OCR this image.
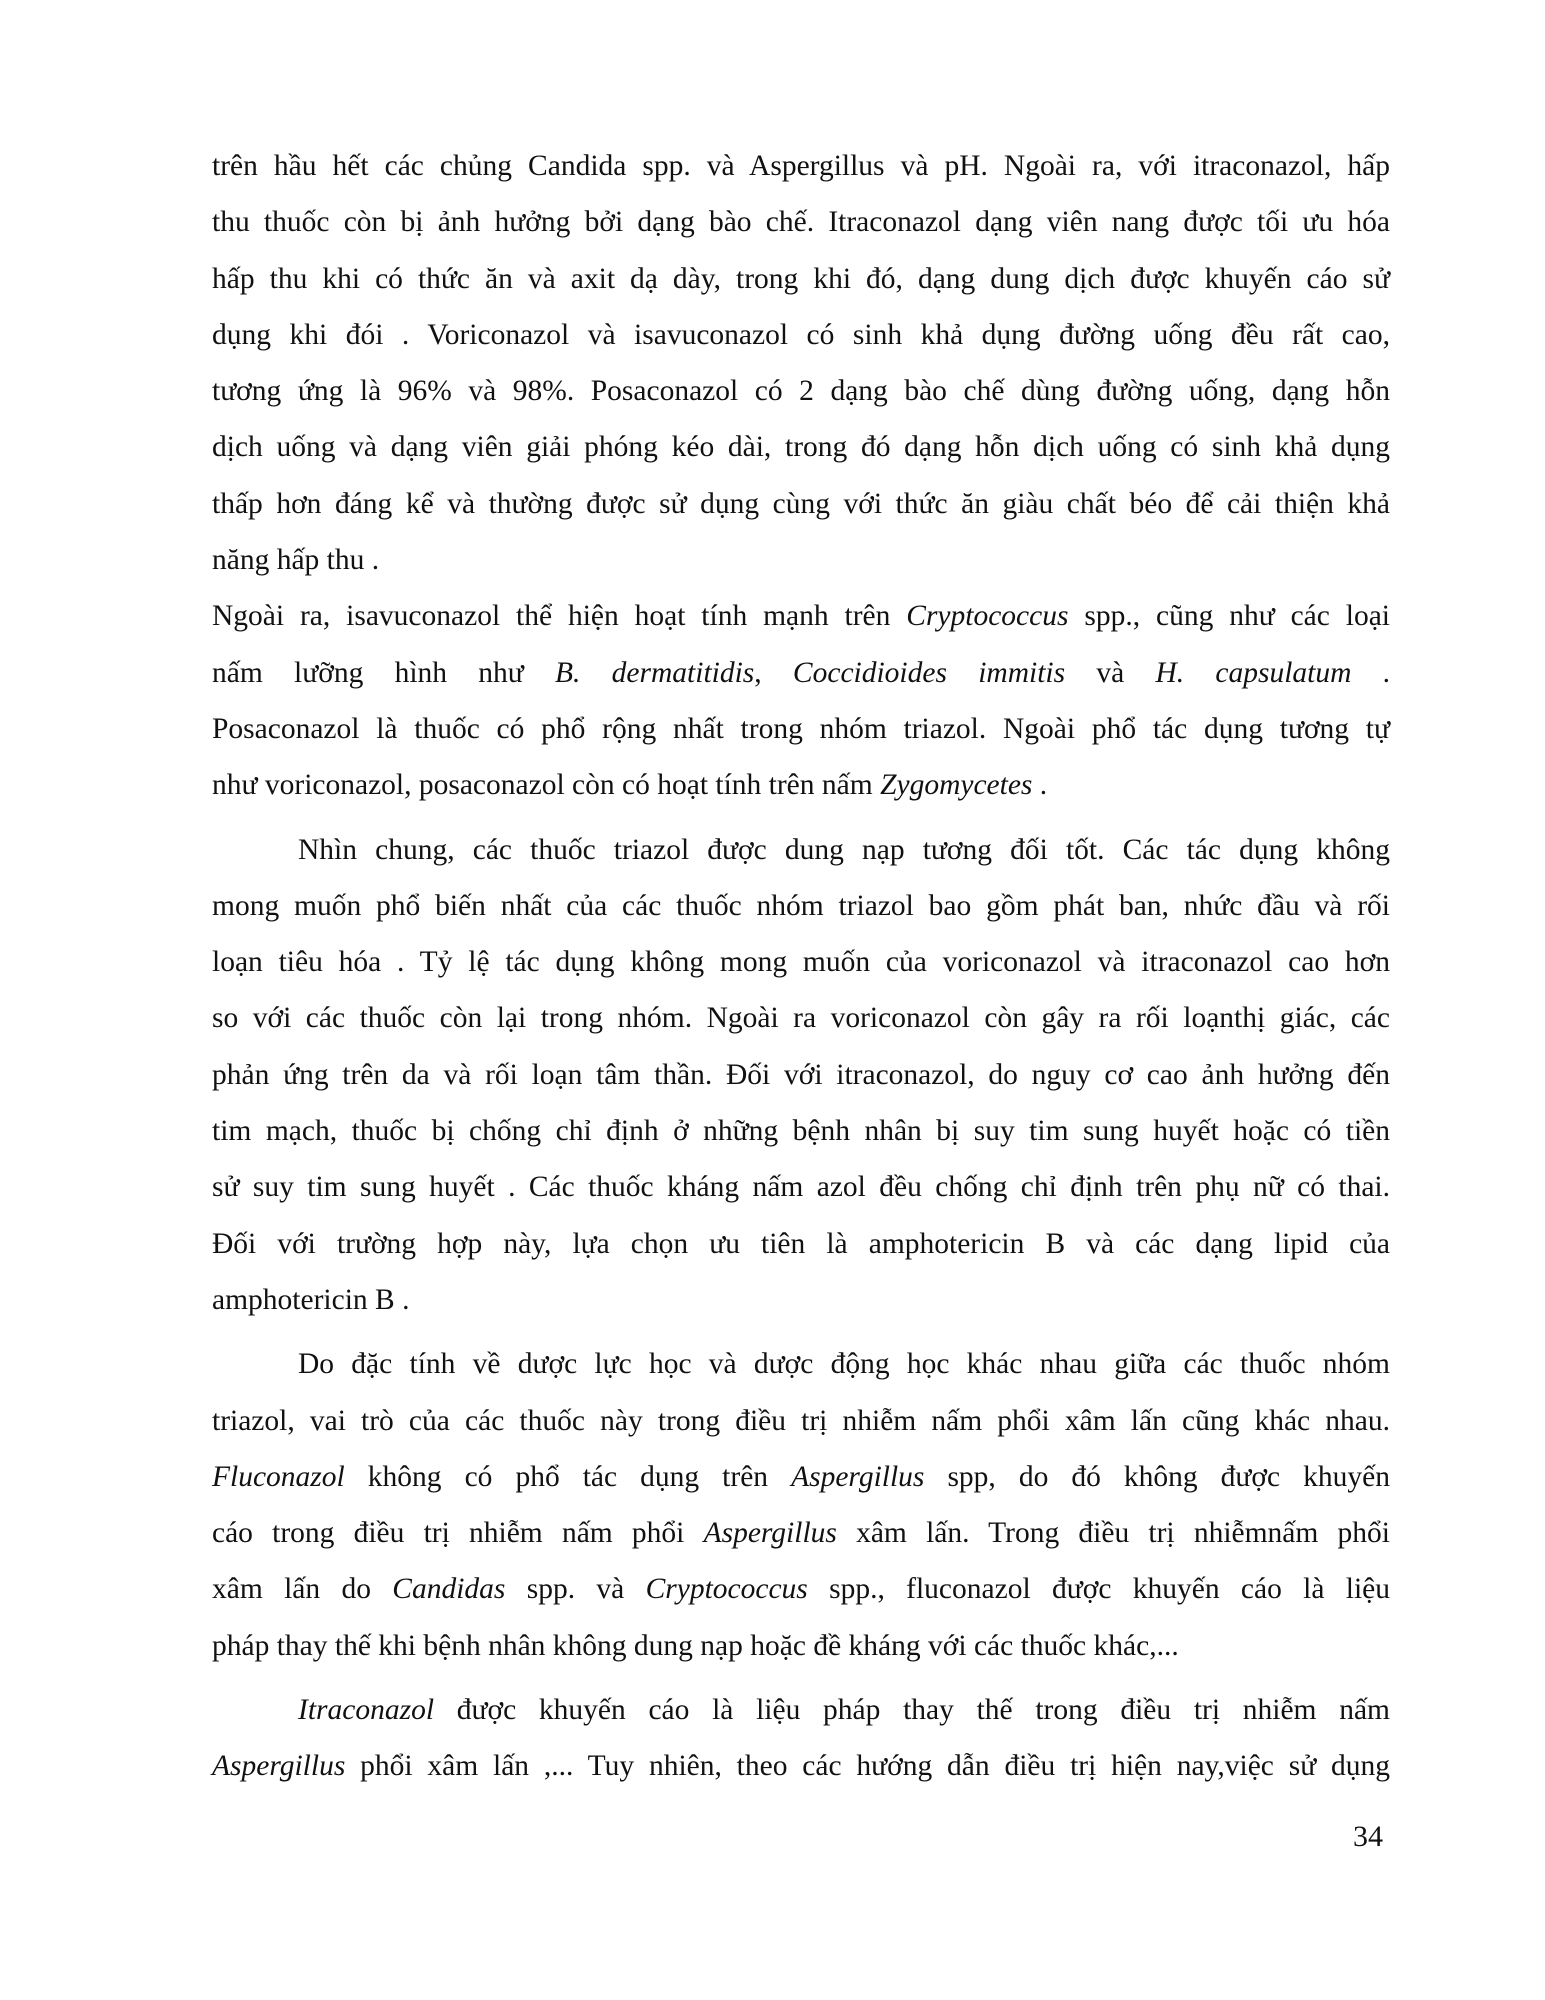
trên hầu hết các chủng Candida spp. và Aspergillus và pH. Ngoài ra, với itraconazol, hấp
thu thuốc còn bị ảnh hưởng bởi dạng bào chế. Itraconazol dạng viên nang được tối ưu hóa
hấp thu khi có thức ăn và axit dạ dày, trong khi đó, dạng dung dịch được khuyến cáo sử
dụng khi đói . Voriconazol và isavuconazol có sinh khả dụng đường uống đều rất cao,
tương ứng là 96% và 98%. Posaconazol có 2 dạng bào chế dùng đường uống, dạng hỗn
dịch uống và dạng viên giải phóng kéo dài, trong đó dạng hỗn dịch uống có sinh khả dụng
thấp hơn đáng kể và thường được sử dụng cùng với thức ăn giàu chất béo để cải thiện khả
năng hấp thu .
Ngoài ra, isavuconazol thể hiện hoạt tính mạnh trên Cryptococcus spp., cũng như các loại
nấm lưỡng hình như B. dermatitidis, Coccidioides immitis và H. capsulatum .
Posaconazol là thuốc có phổ rộng nhất trong nhóm triazol. Ngoài phổ tác dụng tương tự
như voriconazol, posaconazol còn có hoạt tính trên nấm Zygomycetes .
Nhìn chung, các thuốc triazol được dung nạp tương đối tốt. Các tác dụng không
mong muốn phổ biến nhất của các thuốc nhóm triazol bao gồm phát ban, nhức đầu và rối
loạn tiêu hóa . Tỷ lệ tác dụng không mong muốn của voriconazol và itraconazol cao hơn
so với các thuốc còn lại trong nhóm. Ngoài ra voriconazol còn gây ra rối loạnthị giác, các
phản ứng trên da và rối loạn tâm thần. Đối với itraconazol, do nguy cơ cao ảnh hưởng đến
tim mạch, thuốc bị chống chỉ định ở những bệnh nhân bị suy tim sung huyết hoặc có tiền
sử suy tim sung huyết . Các thuốc kháng nấm azol đều chống chỉ định trên phụ nữ có thai.
Đối với trường hợp này, lựa chọn ưu tiên là amphotericin B và các dạng lipid của
amphotericin B .
Do đặc tính về dược lực học và dược động học khác nhau giữa các thuốc nhóm
triazol, vai trò của các thuốc này trong điều trị nhiễm nấm phổi xâm lấn cũng khác nhau.
Fluconazol không có phổ tác dụng trên Aspergillus spp, do đó không được khuyến
cáo trong điều trị nhiễm nấm phổi Aspergillus xâm lấn. Trong điều trị nhiễmnấm phổi
xâm lấn do Candidas spp. và Cryptococcus spp., fluconazol được khuyến cáo là liệu
pháp thay thế khi bệnh nhân không dung nạp hoặc đề kháng với các thuốc khác,...
Itraconazol được khuyến cáo là liệu pháp thay thế trong điều trị nhiễm nấm
Aspergillus phổi xâm lấn ,... Tuy nhiên, theo các hướng dẫn điều trị hiện nay,việc sử dụng
34
